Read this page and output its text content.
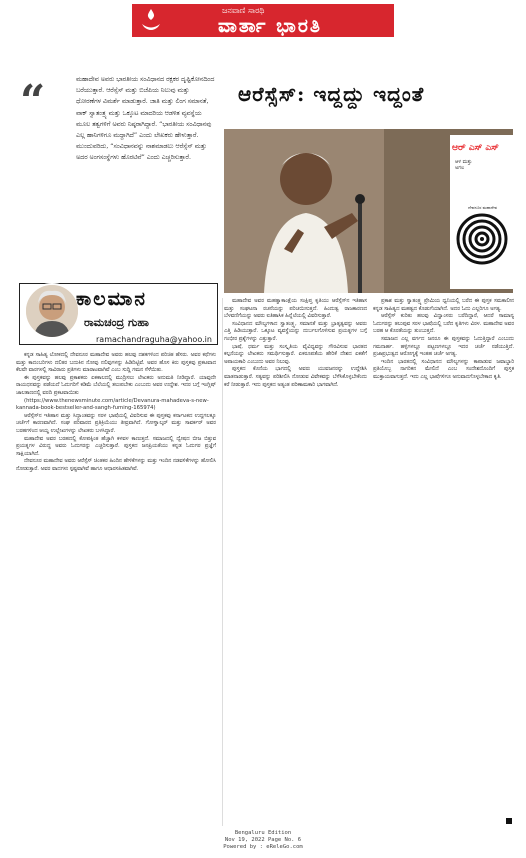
ಜನವಾಣಿ ಸಾರಥಿ
ವಾರ್ತಾ ಭಾರತಿ
“	ಮಹಾದೇವ ಅವರು ಭಾರತೀಯ ಸಂವಿಧಾನದ ರಕ್ಷಕರ ದೃಷ್ಟಿಕೋನದಿಂದ ಬರೆಯುತ್ತಾರೆ. ಆರೆಸ್ಸೆಸ್ ಮತ್ತು ಬಿಜೆಪಿಯ ನಿಲುವು ಮತ್ತು ಧೋರಣೆಗಳ ವಿಮರ್ಶೆ ಮಾಡುತ್ತಾರೆ. ಜಾತಿ ಮತ್ತು ಲಿಂಗ ಸಮಾನತೆ, ವಾಕ್ ಸ್ವಾತಂತ್ರ್ಯ ಮತ್ತು ಒಕ್ಕೂಟ ಮಾದರಿಯ ಆಡಳಿತ ವ್ಯವಸ್ಥೆಯ ಮೂಲ ತತ್ವಗಳಿಗೆ ಅವರು ನಿಷ್ಠರಾಗಿದ್ದಾರೆ. “ಭಾರತೀಯ ಸಂವಿಧಾನವು ಎಲ್ಲ ಹಾನಿಗಳಿಗೂ ಮದ್ದಾಗಿದೆ” ಎಂದು ಲೇಖಕರು ಹೇಳುತ್ತಾರೆ. ಮುಂದುವರಿದು, “ಸಂವಿಧಾನವನ್ನು ನಾಶಮಾಡಲು ಆರೆಸ್ಸೆಸ್ ಮತ್ತು ಅದರ ಅಂಗಸಂಸ್ಥೆಗಳು ಹೊರಟಿವೆ” ಎಂದು ಎಚ್ಚರಿಸುತ್ತಾರೆ.
ಆರೆಸ್ಸೆಸ್: ಇದ್ದದ್ದು ಇದ್ದಂತೆ
ಆಳ ಮತ್ತು ಅಗಲ
ಆರ್ ಎಸ್ ಎಸ್
ದೇವನೂರ ಮಹಾದೇವ
ಕಾಲಮಾನ
ರಾಮಚಂದ್ರ ಗುಹಾ
ramachandraguha@yahoo.in

ಕನ್ನಡ ಸಾಹಿತ್ಯ ಲೋಕದಲ್ಲಿ ದೇವನೂರ ಮಹಾದೇವ ಅವರು ಹಲವು ದಶಕಗಳಿಂದ ಪರಿಚಿತ ಹೆಸರು. ಅವರ ಕಥೆಗಳು ಮತ್ತು ಕಾದಂಬರಿಗಳು ದಲಿತರ ಬದುಕಿನ ನೋವು ನಲಿವುಗಳನ್ನು ಹಿಡಿದಿಟ್ಟಿವೆ. ಅವರ ಹೊಸ ಕಿರು ಪುಸ್ತಕವು ಪ್ರಕಟವಾದ ಕೆಲವೇ ವಾರಗಳಲ್ಲಿ ಸಾವಿರಾರು ಪ್ರತಿಗಳು ಮಾರಾಟವಾಗಿವೆ ಎಂಬ ಸುದ್ದಿ ಗಮನ ಸೆಳೆಯಿತು.

ಈ ಪುಸ್ತಕವನ್ನು ಹಲವು ಪ್ರಕಾಶಕರು ಏಕಕಾಲದಲ್ಲಿ ಮುದ್ರಿಸಲು ಲೇಖಕರು ಅನುಮತಿ ನೀಡಿದ್ದಾರೆ. ಯಾವುದೇ ರಾಯಧನವನ್ನು ಪಡೆಯದೆ ಓದುಗರಿಗೆ ಕಡಿಮೆ ಬೆಲೆಯಲ್ಲಿ ತಲುಪಬೇಕು ಎಂಬುದು ಅವರ ಉದ್ದೇಶ. ಇದರ ಬಗ್ಗೆ ಇಂಗ್ಲಿಷ್ ಜಾಲತಾಣದಲ್ಲಿ ವರದಿ ಪ್ರಕಟವಾಯಿತು

(https://www.thenewsminute.com/article/Devanura-mahadeva-s-new-kannada-book-bestseller-and-sangh-fuming-165974)

ಆರೆಸ್ಸೆಸ್‌ನ ಇತಿಹಾಸ ಮತ್ತು ಸಿದ್ಧಾಂತವನ್ನು ಸರಳ ಭಾಷೆಯಲ್ಲಿ ವಿವರಿಸುವ ಈ ಪುಸ್ತಕವು ಕರ್ನಾಟಕದ ಉದ್ದಗಲಕ್ಕೂ ಚರ್ಚೆಗೆ ಕಾರಣವಾಗಿದೆ. ಸಂಘ ಪರಿವಾರದ ಪ್ರತಿಕ್ರಿಯೆಯು ತೀವ್ರವಾಗಿದೆ. ಗೋಳ್ವಾಲ್ಕರ್ ಮತ್ತು ಸಾವರ್ಕರ್ ಅವರ ಬರಹಗಳಿಂದ ಆಯ್ದ ಉಲ್ಲೇಖಗಳನ್ನು ಲೇಖಕರು ಬಳಸಿದ್ದಾರೆ.

ಮಹಾದೇವ ಅವರ ಬರಹದಲ್ಲಿ ಕೋಪಕ್ಕಿಂತ ಹೆಚ್ಚಾಗಿ ಕಳವಳ ಕಾಣುತ್ತದೆ. ಸಮಾಜದಲ್ಲಿ ದ್ವೇಷದ ಬೀಜ ಬಿತ್ತುವ ಪ್ರಯತ್ನಗಳ ವಿರುದ್ಧ ಅವರು ಓದುಗರನ್ನು ಎಚ್ಚರಿಸುತ್ತಾರೆ. ಪುಸ್ತಕದ ಜನಪ್ರಿಯತೆಯು ಕನ್ನಡ ಓದುಗರ ಪ್ರಜ್ಞೆಗೆ ಸಾಕ್ಷಿಯಾಗಿದೆ.

ದೇವನೂರ ಮಹಾದೇವ ಅವರು ಆರೆಸ್ಸೆಸ್ ಚಿಂತಕರ ಹಿಂದಿನ ಹೇಳಿಕೆಗಳನ್ನು ಮತ್ತು ಇಂದಿನ ನಡವಳಿಕೆಗಳನ್ನು ಹೋಲಿಸಿ ನೋಡುತ್ತಾರೆ. ಅವರ ವಾದಗಳು ಸ್ಪಷ್ಟವಾಗಿವೆ ಹಾಗೂ ಆಧಾರಸಹಿತವಾಗಿವೆ.

ಮಹಾದೇವ ಅವರ ಮಹತ್ವಾಕಾಂಕ್ಷೆಯ ಸಂಕ್ಷಿಪ್ತ ಕೃತಿಯು ಆರೆಸ್ಸೆಸ್‌ನ ಇತಿಹಾಸ ಮತ್ತು ಸಂಘಟನಾ ರಚನೆಯನ್ನು ಪರಿಚಯಿಸುತ್ತದೆ. ಹಿಂದುತ್ವ ರಾಜಕಾರಣದ ಬೆಳವಣಿಗೆಯನ್ನು ಅವರು ಐತಿಹಾಸಿಕ ಹಿನ್ನೆಲೆಯಲ್ಲಿ ವಿವರಿಸುತ್ತಾರೆ.

ಸಂವಿಧಾನದ ಮೌಲ್ಯಗಳಾದ ಸ್ವಾತಂತ್ರ್ಯ, ಸಮಾನತೆ ಮತ್ತು ಭ್ರಾತೃತ್ವವನ್ನು ಅವರು ಎತ್ತಿ ಹಿಡಿಯುತ್ತಾರೆ. ಒಕ್ಕೂಟ ವ್ಯವಸ್ಥೆಯನ್ನು ದುರ್ಬಲಗೊಳಿಸುವ ಪ್ರಯತ್ನಗಳ ಬಗ್ಗೆ ಗಂಭೀರ ಪ್ರಶ್ನೆಗಳನ್ನು ಎತ್ತುತ್ತಾರೆ.

ಭಾಷೆ, ಧರ್ಮ ಮತ್ತು ಸಂಸ್ಕೃತಿಯ ವೈವಿಧ್ಯವನ್ನು ಗೌರವಿಸುವ ಭಾರತದ ಕಲ್ಪನೆಯನ್ನು ಲೇಖಕರು ಸಮರ್ಥಿಸುತ್ತಾರೆ. ಏಕರೂಪತೆಯ ಹೇರಿಕೆ ದೇಶದ ಏಕತೆಗೆ ಅಪಾಯಕಾರಿ ಎಂಬುದು ಅವರ ನಿಲುವು.

ಪುಸ್ತಕದ ಕೊನೆಯ ಭಾಗದಲ್ಲಿ ಅವರು ಯುವಜನರನ್ನು ಉದ್ದೇಶಿಸಿ ಮಾತನಾಡುತ್ತಾರೆ. ಸತ್ಯವನ್ನು ಪರಿಶೀಲಿಸಿ ನೋಡುವ ವಿವೇಕವನ್ನು ಬೆಳೆಸಿಕೊಳ್ಳಬೇಕೆಂದು ಕರೆ ನೀಡುತ್ತಾರೆ. ಇದು ಪುಸ್ತಕದ ಅತ್ಯಂತ ಪರಿಣಾಮಕಾರಿ ಭಾಗವಾಗಿದೆ.

ಪ್ರಕಾಶ ಮತ್ತು ಸ್ವಾತಂತ್ರ್ಯ ಪ್ರೇಮಿಯ ಧ್ವನಿಯಲ್ಲಿ ಬರೆದ ಈ ಪುಸ್ತಕ ಸಮಕಾಲೀನ ಕನ್ನಡ ಸಾಹಿತ್ಯದ ಮಹತ್ವದ ಕೊಡುಗೆಯಾಗಿದೆ. ಅದರ ಓದು ಎಲ್ಲರಿಗೂ ಅಗತ್ಯ.

ಆರೆಸ್ಸೆಸ್ ಕುರಿತು ಹಲವು ವಿದ್ವಾಂಸರು ಬರೆದಿದ್ದಾರೆ, ಆದರೆ ಸಾಮಾನ್ಯ ಓದುಗರನ್ನು ತಲುಪುವ ಸರಳ ಭಾಷೆಯಲ್ಲಿ ಬರೆದ ಕೃತಿಗಳು ವಿರಳ. ಮಹಾದೇವ ಅವರ ಬರಹ ಆ ಕೊರತೆಯನ್ನು ತುಂಬುತ್ತದೆ.

ಸಮಾಜದ ಎಲ್ಲ ವರ್ಗದ ಜನರೂ ಈ ಪುಸ್ತಕವನ್ನು ಓದುತ್ತಿದ್ದಾರೆ ಎಂಬುದು ಗಮನಾರ್ಹ. ಹಳ್ಳಿಗಳಲ್ಲೂ ಪಟ್ಟಣಗಳಲ್ಲೂ ಇದರ ಚರ್ಚೆ ನಡೆಯುತ್ತಿದೆ. ಪ್ರಜಾಪ್ರಭುತ್ವದ ಆರೋಗ್ಯಕ್ಕೆ ಇಂತಹ ಚರ್ಚೆ ಅಗತ್ಯ.

ಇಂದಿನ ಭಾರತದಲ್ಲಿ ಸಂವಿಧಾನದ ಮೌಲ್ಯಗಳನ್ನು ಕಾಪಾಡುವ ಜವಾಬ್ದಾರಿ ಪ್ರತಿಯೊಬ್ಬ ನಾಗರಿಕನ ಮೇಲಿದೆ ಎಂಬ ಸಂದೇಶದೊಂದಿಗೆ ಪುಸ್ತಕ ಮುಕ್ತಾಯವಾಗುತ್ತದೆ. ಇದು ಎಲ್ಲ ಭಾಷೆಗಳಿಗೂ ಅನುವಾದಗೊಳ್ಳಬೇಕಾದ ಕೃತಿ.

Bengaluru Edition
Nov 19, 2022 Page No. 6
Powered by : eReleGo.com
